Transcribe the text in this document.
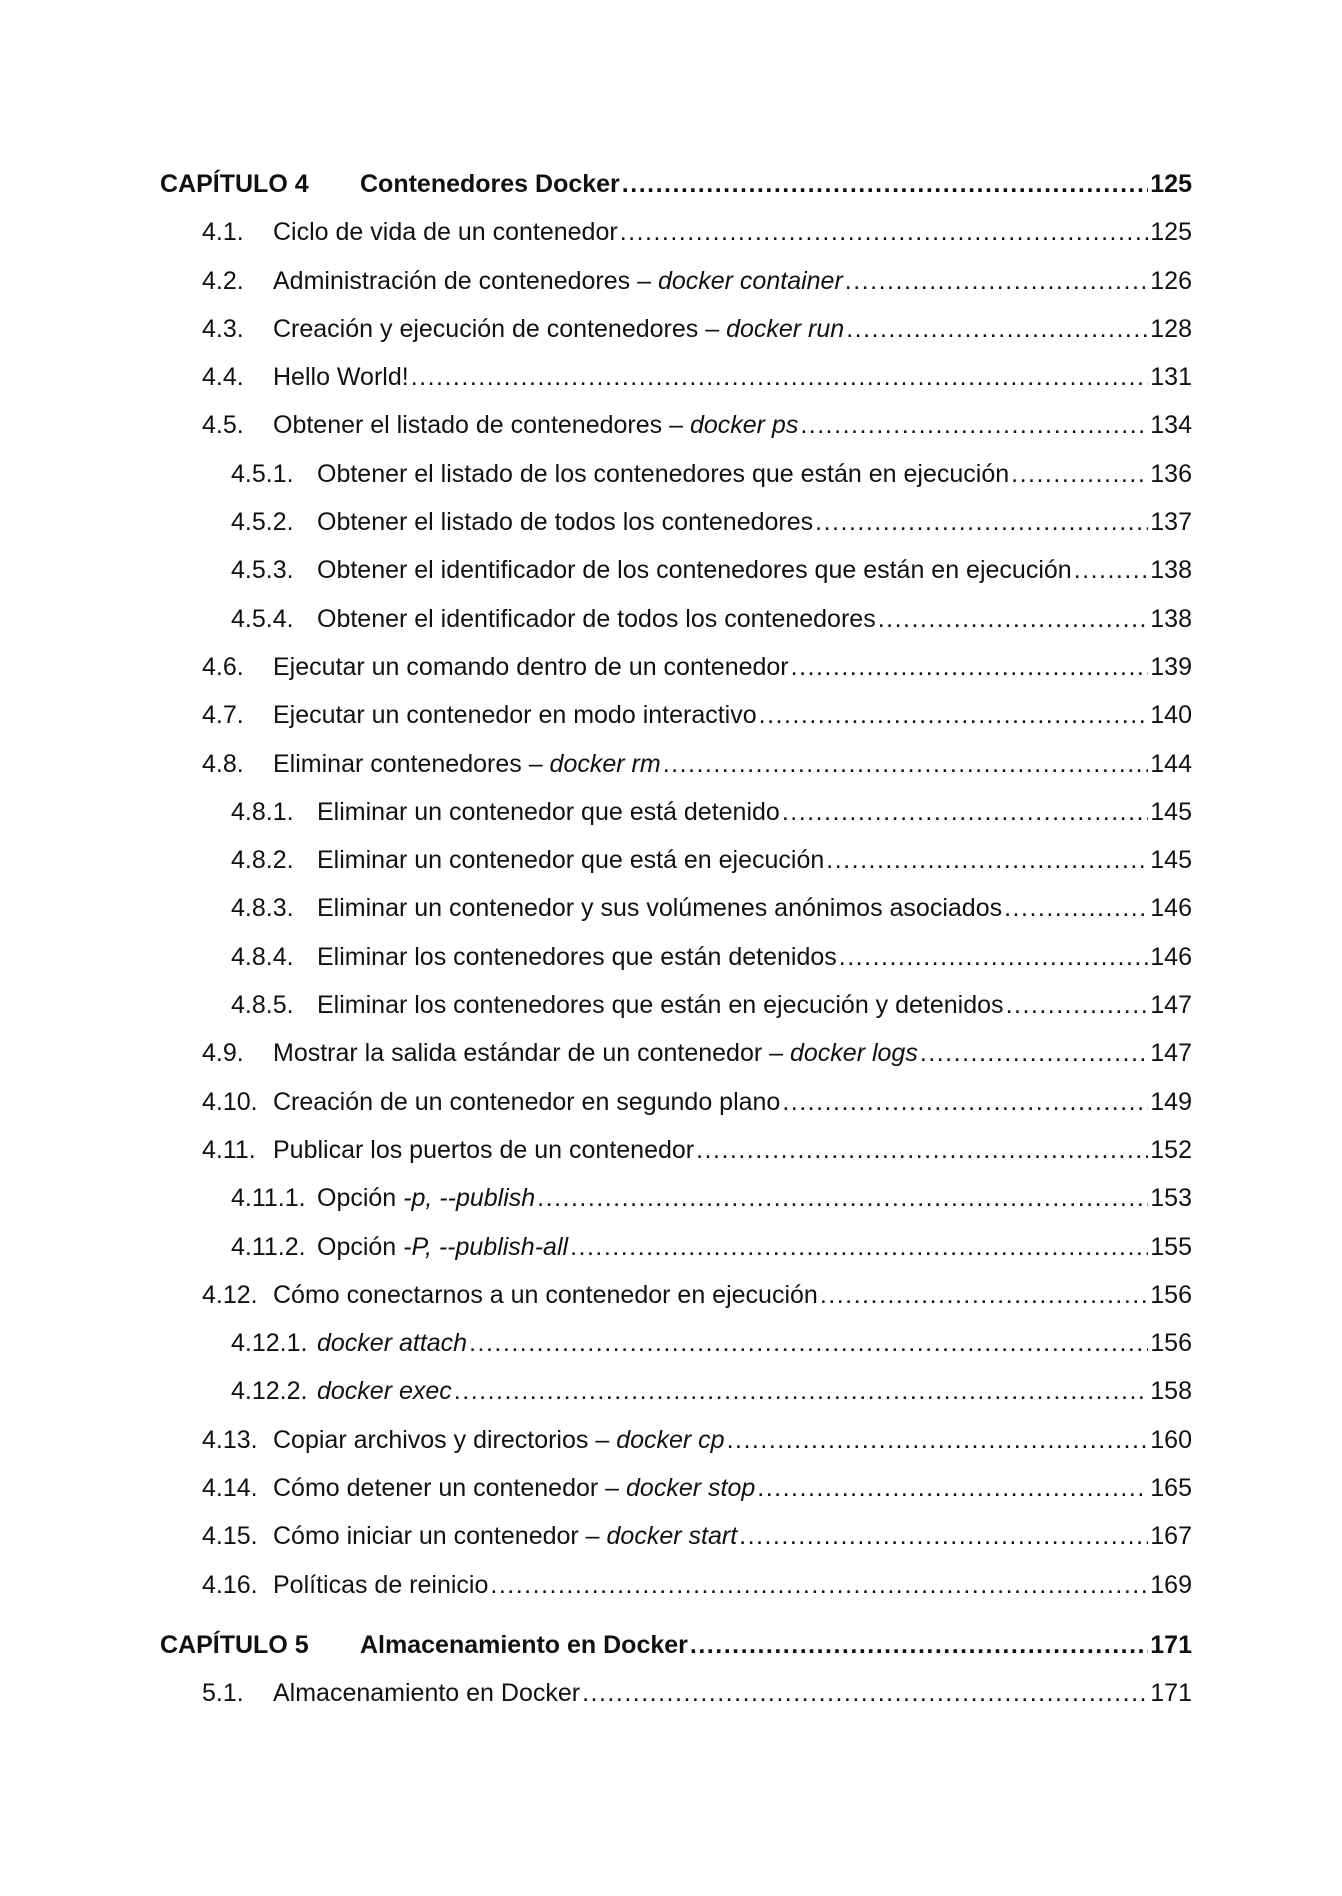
CAPÍTULO 4	Contenedores Docker .....	125
4.1.	Ciclo de vida de un contenedor .....	125
4.2.	Administración de contenedores – docker container .....	126
4.3.	Creación y ejecución de contenedores – docker run .....	128
4.4.	Hello World! .....	131
4.5.	Obtener el listado de contenedores – docker ps .....	134
4.5.1. Obtener el listado de los contenedores que están en ejecución .....	136
4.5.2. Obtener el listado de todos los contenedores .....	137
4.5.3. Obtener el identificador de los contenedores que están en ejecución .....	138
4.5.4. Obtener el identificador de todos los contenedores .....	138
4.6.	Ejecutar un comando dentro de un contenedor .....	139
4.7.	Ejecutar un contenedor en modo interactivo .....	140
4.8.	Eliminar contenedores – docker rm .....	144
4.8.1. Eliminar un contenedor que está detenido .....	145
4.8.2. Eliminar un contenedor que está en ejecución .....	145
4.8.3. Eliminar un contenedor y sus volúmenes anónimos asociados .....	146
4.8.4. Eliminar los contenedores que están detenidos .....	146
4.8.5. Eliminar los contenedores que están en ejecución y detenidos .....	147
4.9.	Mostrar la salida estándar de un contenedor – docker logs .....	147
4.10. Creación de un contenedor en segundo plano .....	149
4.11. Publicar los puertos de un contenedor .....	152
4.11.1. Opción -p, --publish .....	153
4.11.2. Opción -P, --publish-all .....	155
4.12. Cómo conectarnos a un contenedor en ejecución .....	156
4.12.1. docker attach .....	156
4.12.2. docker exec .....	158
4.13. Copiar archivos y directorios – docker cp .....	160
4.14. Cómo detener un contenedor – docker stop .....	165
4.15. Cómo iniciar un contenedor – docker start .....	167
4.16. Políticas de reinicio .....	169
CAPÍTULO 5	Almacenamiento en Docker .....	171
5.1.	Almacenamiento en Docker .....	171
